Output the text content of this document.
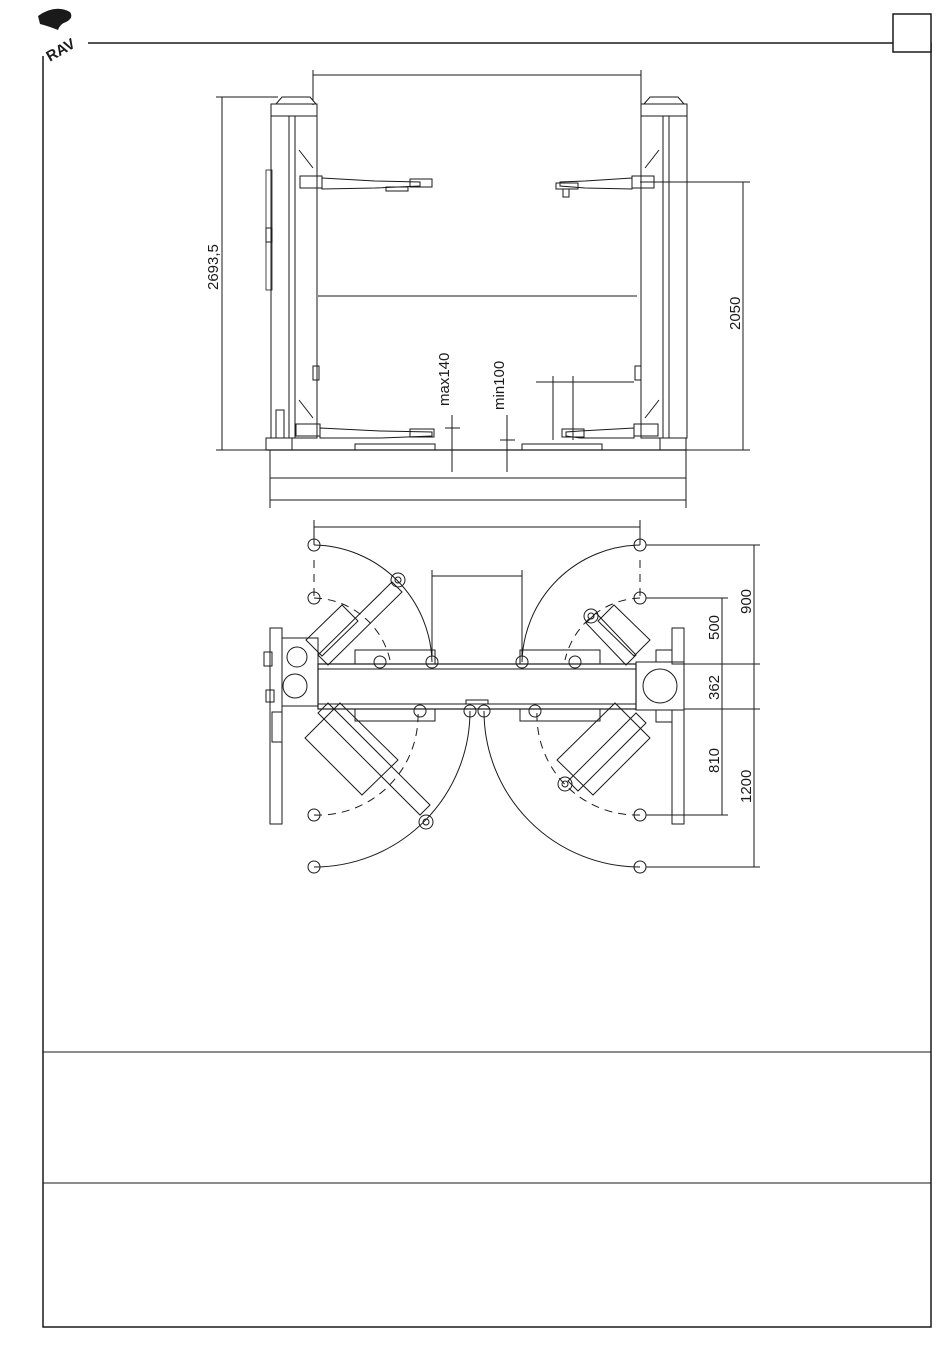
RAV
2693,5
2050
max140	min100
900
500
362
810
1200
